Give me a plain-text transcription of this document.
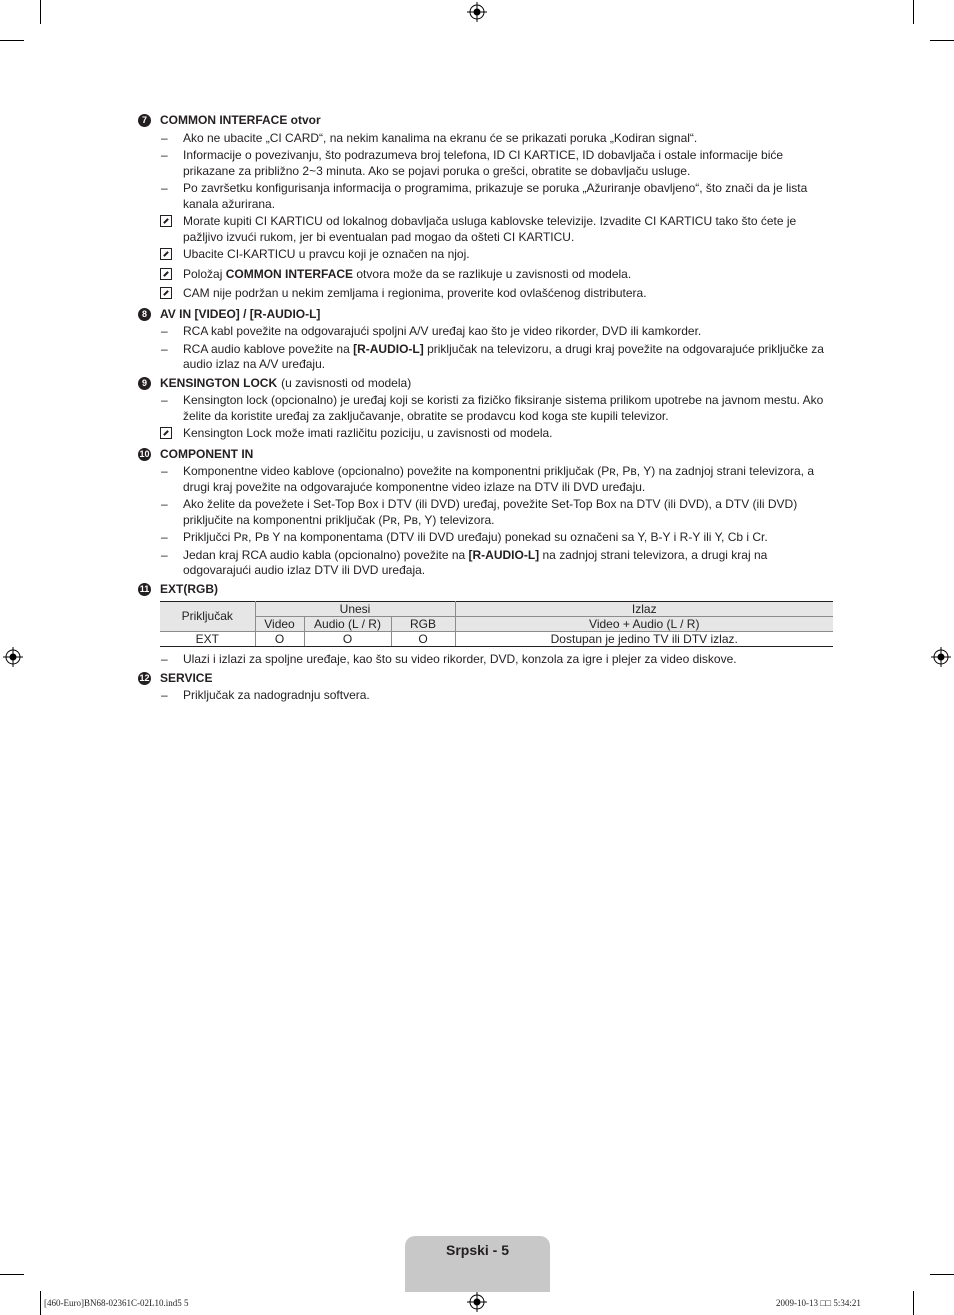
7	COMMON INTERFACE otvor
–	Ako ne ubacite „CI CARD“, na nekim kanalima na ekranu će se prikazati poruka „Kodiran signal“.
–	Informacije o povezivanju, što podrazumeva broj telefona, ID CI KARTICE, ID dobavljača i ostale informacije biće prikazane za približno 2~3 minuta. Ako se pojavi poruka o grešci, obratite se dobavljaču usluge.
–	Po završetku konfigurisanja informacija o programima, prikazuje se poruka „Ažuriranje obavljeno“, što znači da je lista kanala ažurirana.
Morate kupiti CI KARTICU od lokalnog dobavljača usluga kablovske televizije. Izvadite CI KARTICU tako što ćete je pažljivo izvući rukom, jer bi eventualan pad mogao da ošteti CI KARTICU.
Ubacite CI-KARTICU u pravcu koji je označen na njoj.
Položaj COMMON INTERFACE otvora može da se razlikuje u zavisnosti od modela.
CAM nije podržan u nekim zemljama i regionima, proverite kod ovlašćenog distributera.
8	AV IN [VIDEO] / [R-AUDIO-L]
–	RCA kabl povežite na odgovarajući spoljni A/V uređaj kao što je video rikorder, DVD ili kamkorder.
–	RCA audio kablove povežite na [R-AUDIO-L] priključak na televizoru, a drugi kraj povežite na odgovarajuće priključke za audio izlaz na A/V uređaju.
9	KENSINGTON LOCK (u zavisnosti od modela)
–	Kensington lock (opcionalno) je uređaj koji se koristi za fizičko fiksiranje sistema prilikom upotrebe na javnom mestu. Ako želite da koristite uređaj za zaključavanje, obratite se prodavcu kod koga ste kupili televizor.
Kensington Lock može imati različitu poziciju, u zavisnosti od modela.
10 COMPONENT IN
–	Komponentne video kablove (opcionalno) povežite na komponentni priključak (Pʀ, Pʙ, Y) na zadnjoj strani televizora, a drugi kraj povežite na odgovarajuće komponentne video izlaze na DTV ili DVD uređaju.
–	Ako želite da povežete i Set-Top Box i DTV (ili DVD) uređaj, povežite Set-Top Box na DTV (ili DVD), a DTV (ili DVD) priključite na komponentni priključak (Pʀ, Pʙ, Y) televizora.
–	Priključci Pʀ, Pʙ Y na komponentama (DTV ili DVD uređaju) ponekad su označeni sa Y, B-Y i R-Y ili Y, Cb i Cr.
–	Jedan kraj RCA audio kabla (opcionalno) povežite na [R-AUDIO-L] na zadnjoj strani televizora, a drugi kraj na odgovarajući audio izlaz DTV ili DVD uređaja.
11 EXT(RGB)
Priključak	Unesi			Izlaz
	Video	Audio (L / R)	RGB	Video + Audio (L / R)
EXT	O	O	O	Dostupan je jedino TV ili DTV izlaz.
–	Ulazi i izlazi za spoljne uređaje, kao što su video rikorder, DVD, konzola za igre i plejer za video diskove.
12 SERVICE
–	Priključak za nadogradnju softvera.
Srpski - 5
[460-Euro]BN68-02361C-02L10.ind5 5	2009-10-13 □□ 5:34:21
